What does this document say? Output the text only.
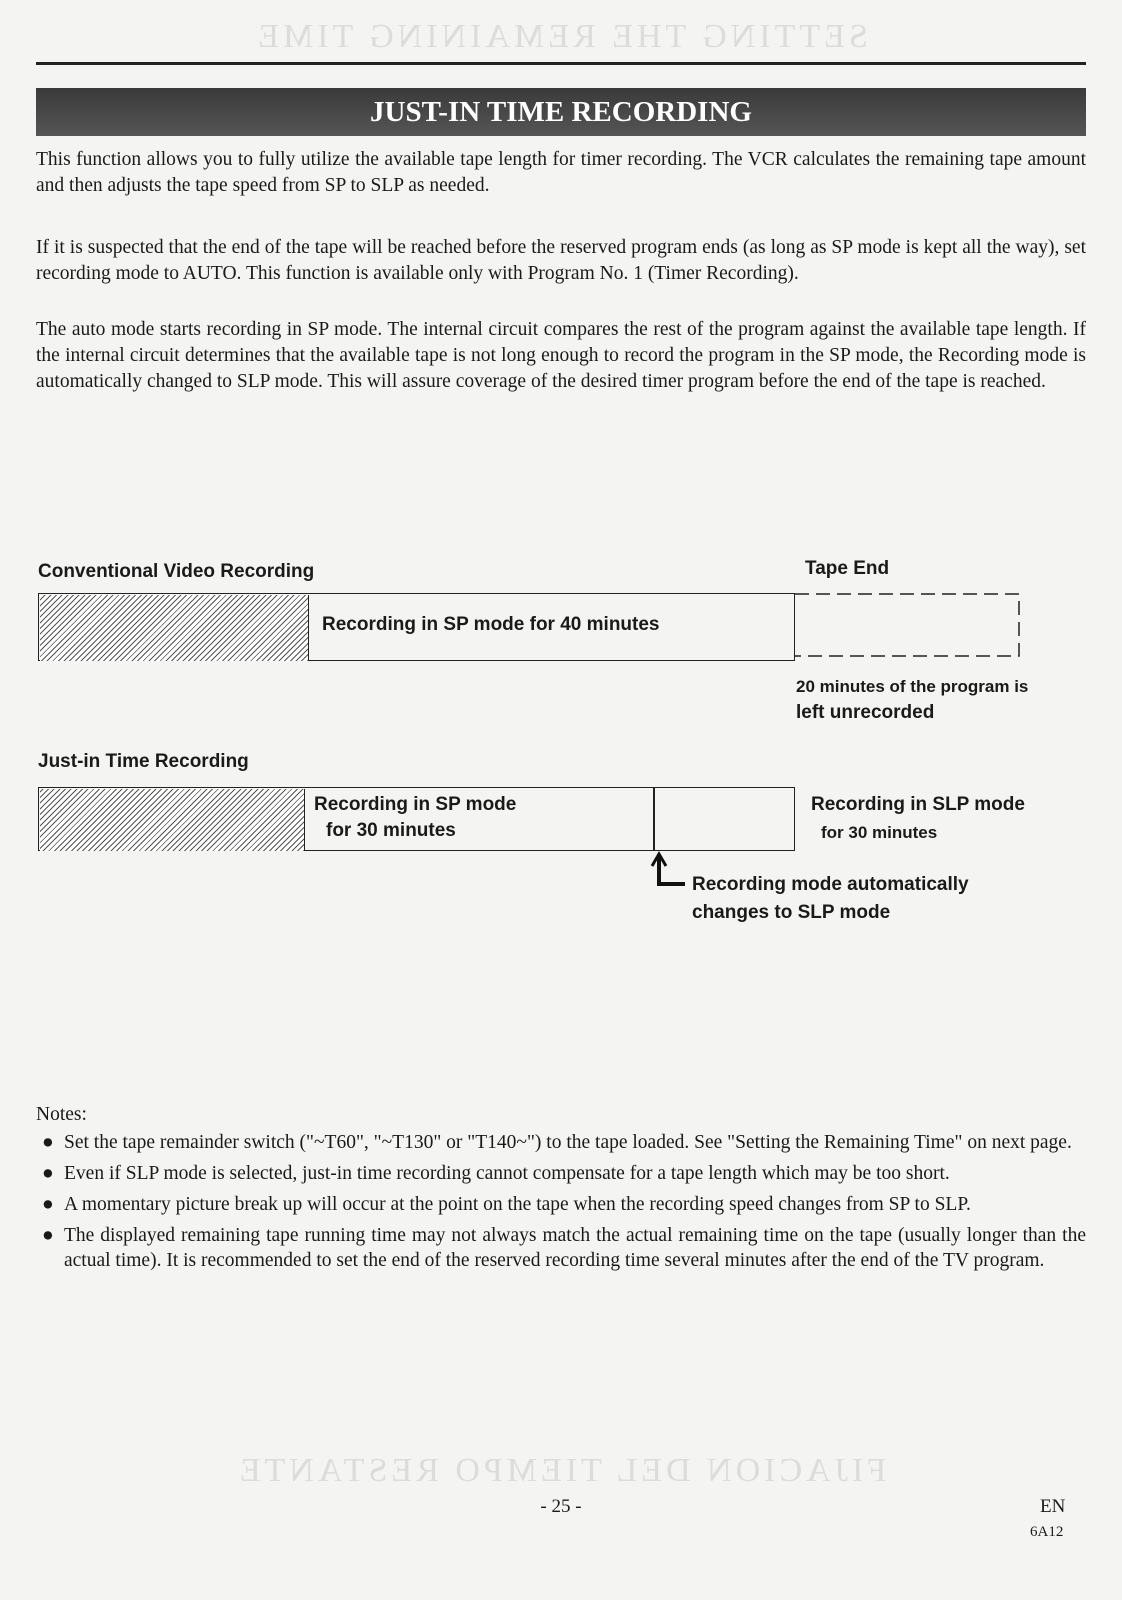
SETTING THE REMAINING TIME
FIJACION DEL TIEMPO RESTANTE
JUST-IN TIME RECORDING

This function allows you to fully utilize the available tape length for timer recording. The VCR calculates the remaining tape amount and then adjusts the tape speed from SP to SLP as needed.

If it is suspected that the end of the tape will be reached before the reserved program ends (as long as SP mode is kept all the way), set recording mode to AUTO. This function is available only with Program No. 1 (Timer Recording).

The auto mode starts recording in SP mode. The internal circuit compares the rest of the program against the available tape length. If the internal circuit determines that the available tape is not long enough to record the program in the SP mode, the Recording mode is automatically changed to SLP mode. This will assure coverage of the desired timer program before the end of the tape is reached.

Conventional Video Recording	Tape End
Recording in SP mode for 40 minutes
20 minutes of the program is
left unrecorded
Just-in Time Recording
Recording in SP mode
for 30 minutes
Recording in SLP mode
for 30 minutes
Recording mode automatically
changes to SLP mode

Notes:

● Set the tape remainder switch ("~T60", "~T130" or "T140~") to the tape loaded. See "Setting the Remaining Time" on next page.
● Even if SLP mode is selected, just-in time recording cannot compensate for a tape length which may be too short.
● A momentary picture break up will occur at the point on the tape when the recording speed changes from SP to SLP.
● The displayed remaining tape running time may not always match the actual remaining time on the tape (usually longer than the actual time). It is recommended to set the end of the reserved recording time several minutes after the end of the TV program.
- 25 -	EN
6A12
